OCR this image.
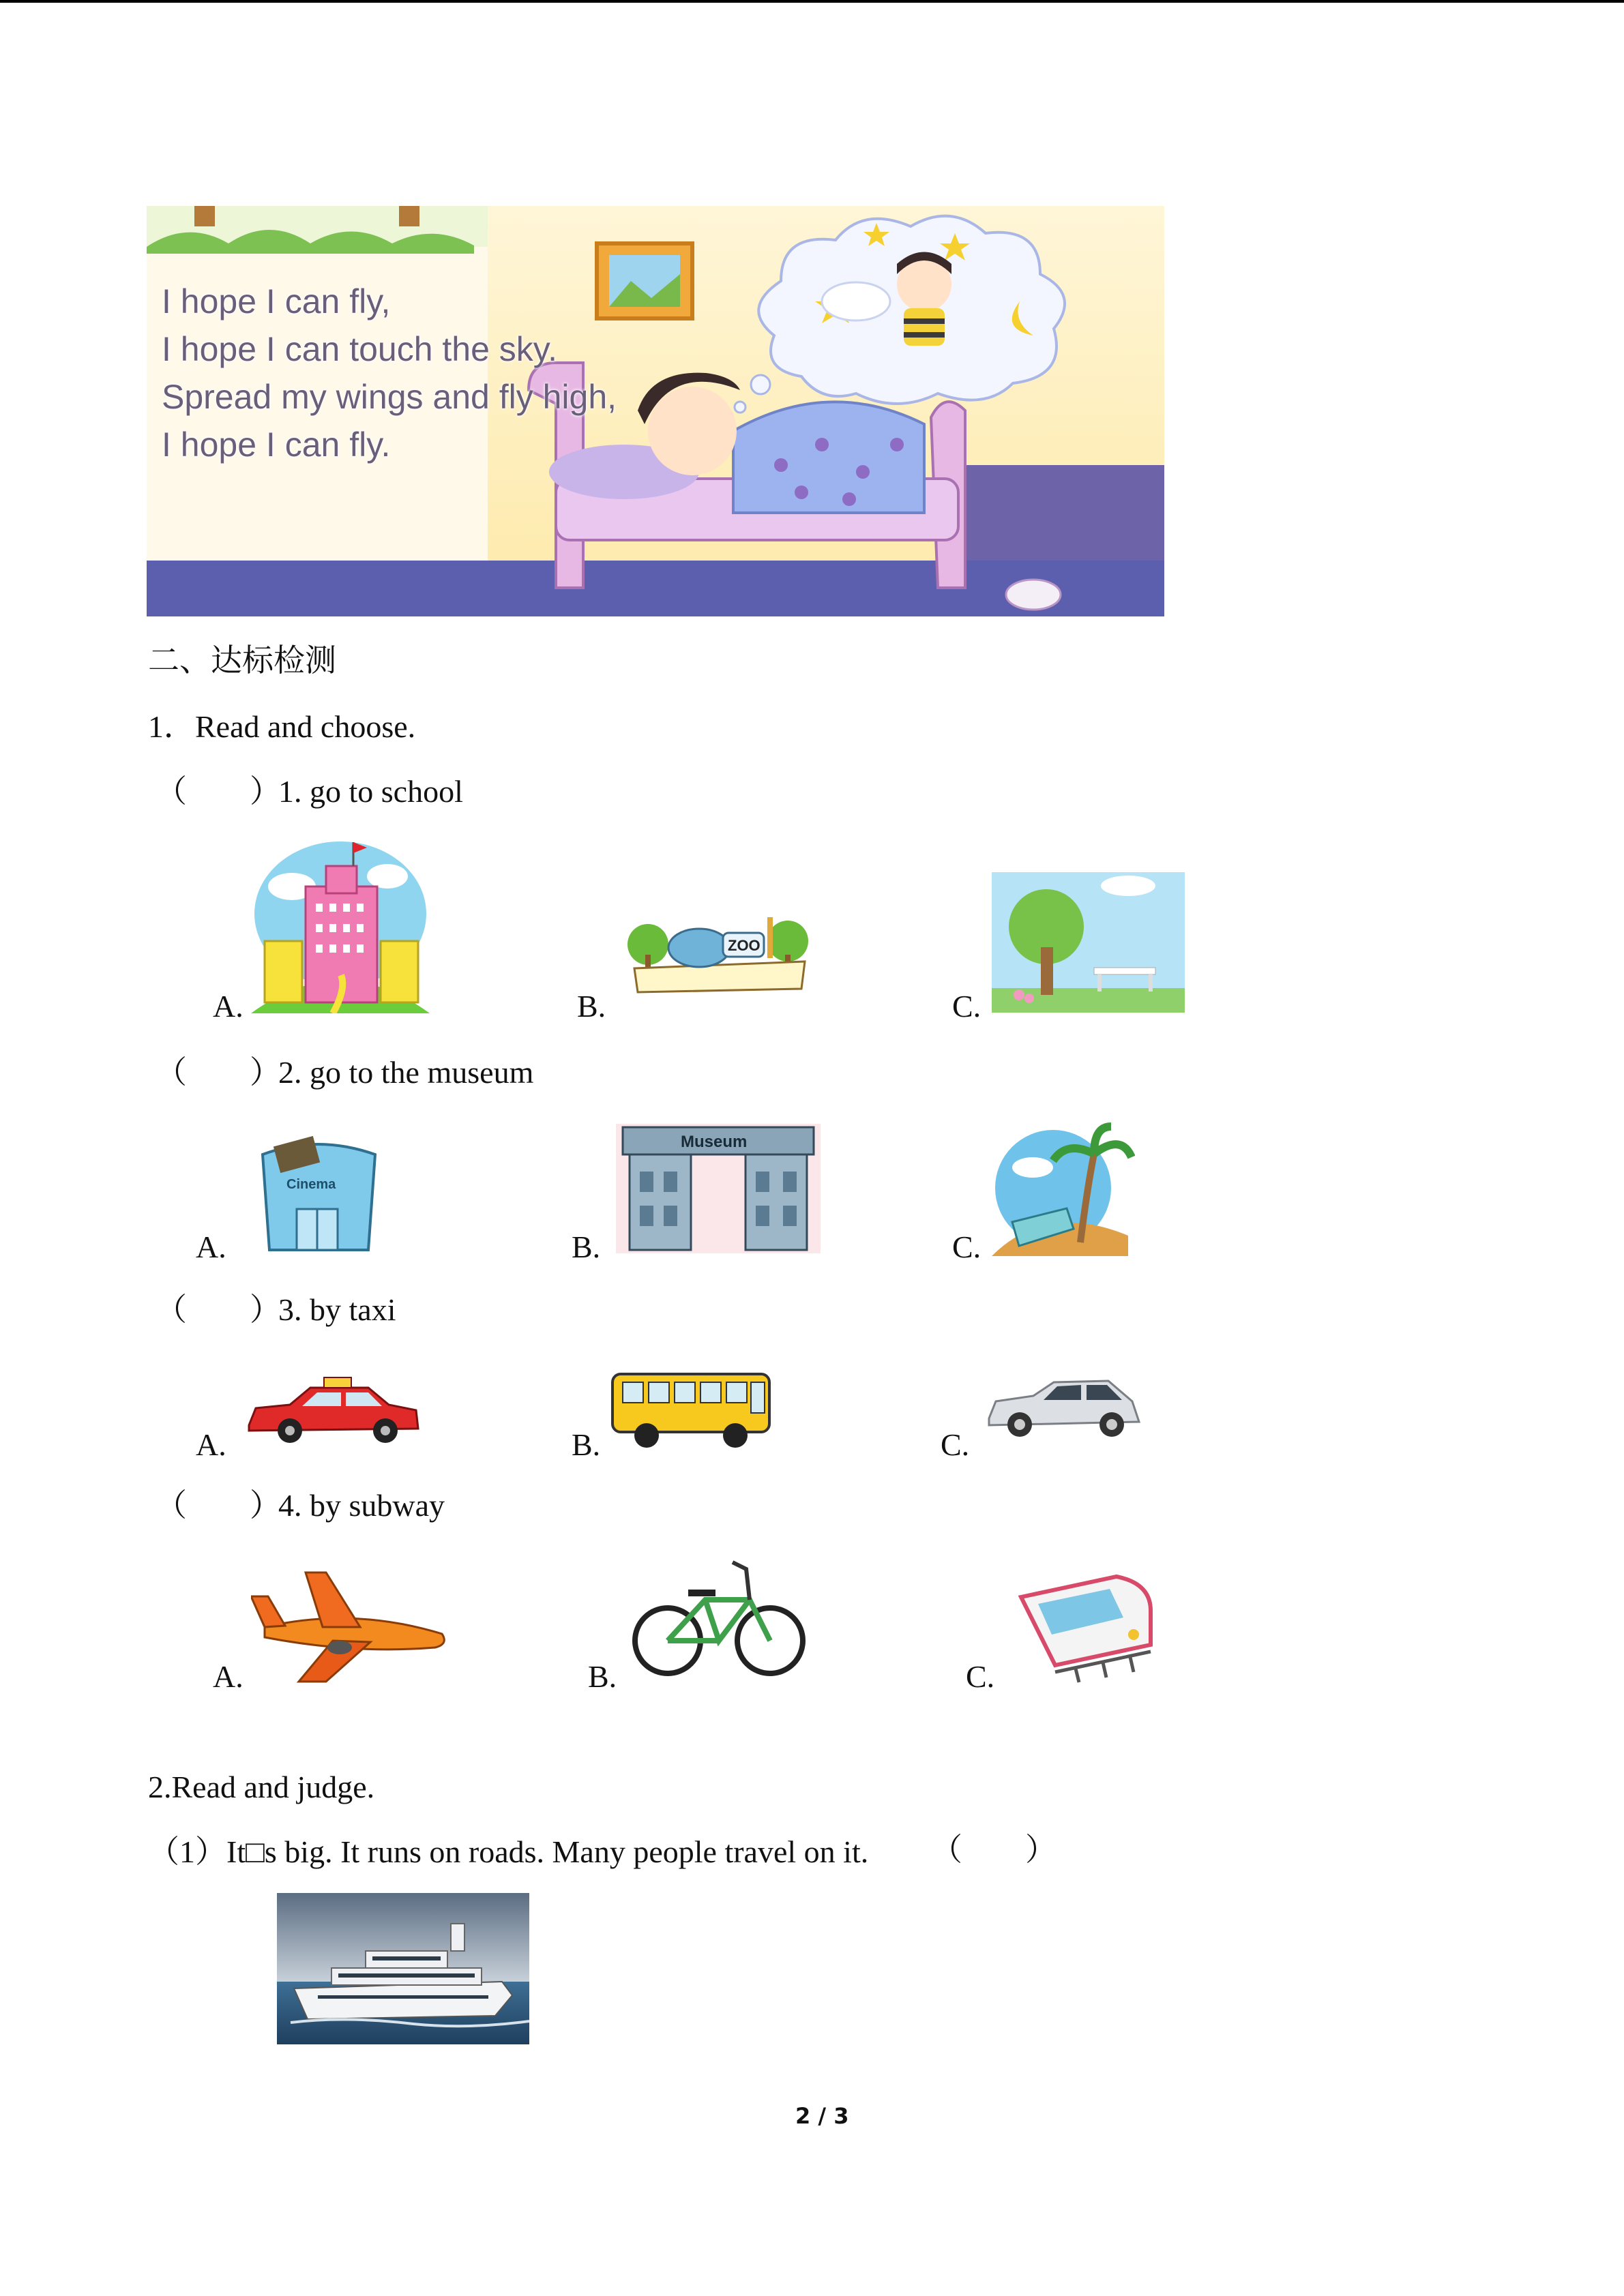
I hope I can fly,
I hope I can touch the sky.
Spread my wings and fly high,
I hope I can fly.
二、达标检测
1．Read and choose.
（　　）
1. go to school
A.	B.
ZOO
C.
（　　）
2. go to the museum
A.
Cinema
B.
Museum
C.
（　　）
3. by taxi
A.	B.	C.
（　　）
4. by subway
A.	B.	C.
2.Read and judge.
（1）It□s big. It runs on roads. Many people travel on it. （　　）
2 / 3
